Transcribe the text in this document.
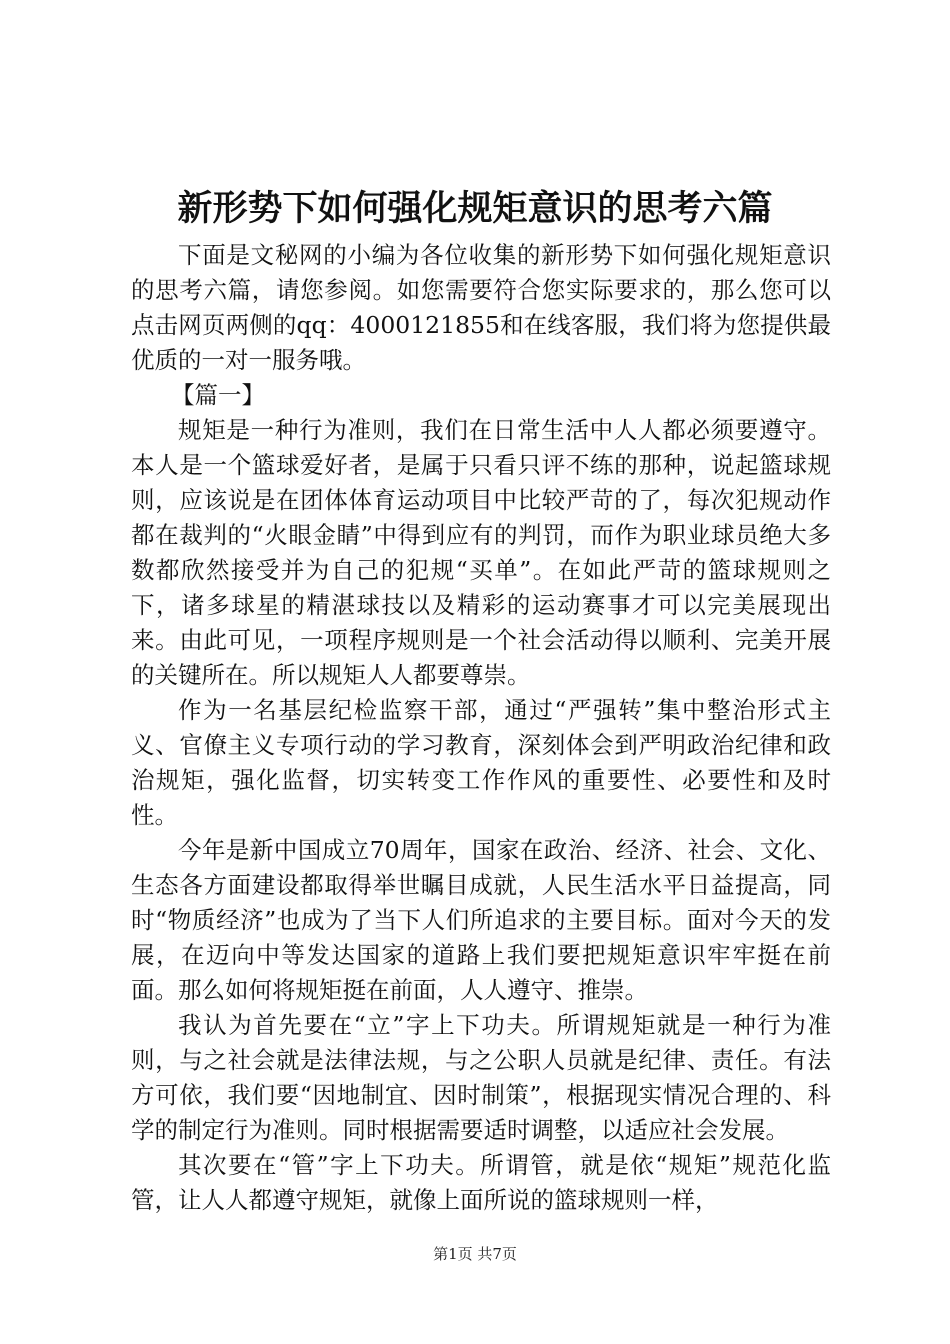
新形势下如何强化规矩意识的思考六篇

下面是文秘网的小编为各位收集的新形势下如何强化规矩意识的思考六篇，请您参阅。如您需要符合您实际要求的，那么您可以点击网页两侧的qq：4000121855和在线客服，我们将为您提供最优质的一对一服务哦。

【篇一】

规矩是一种行为准则，我们在日常生活中人人都必须要遵守。本人是一个篮球爱好者，是属于只看只评不练的那种，说起篮球规则，应该说是在团体体育运动项目中比较严苛的了，每次犯规动作都在裁判的“火眼金睛”中得到应有的判罚，而作为职业球员绝大多数都欣然接受并为自己的犯规“买单”。在如此严苛的篮球规则之下，诸多球星的精湛球技以及精彩的运动赛事才可以完美展现出来。由此可见，一项程序规则是一个社会活动得以顺利、完美开展的关键所在。所以规矩人人都要尊崇。

作为一名基层纪检监察干部，通过“严强转”集中整治形式主义、官僚主义专项行动的学习教育，深刻体会到严明政治纪律和政治规矩，强化监督，切实转变工作作风的重要性、必要性和及时性。

今年是新中国成立70周年，国家在政治、经济、社会、文化、生态各方面建设都取得举世瞩目成就，人民生活水平日益提高，同时“物质经济”也成为了当下人们所追求的主要目标。面对今天的发展，在迈向中等发达国家的道路上我们要把规矩意识牢牢挺在前面。那么如何将规矩挺在前面，人人遵守、推崇。

我认为首先要在“立”字上下功夫。所谓规矩就是一种行为准则，与之社会就是法律法规，与之公职人员就是纪律、责任。有法方可依，我们要“因地制宜、因时制策”，根据现实情况合理的、科学的制定行为准则。同时根据需要适时调整，以适应社会发展。

其次要在“管”字上下功夫。所谓管，就是依“规矩”规范化监管，让人人都遵守规矩，就像上面所说的篮球规则一样，

第1页 共7页
